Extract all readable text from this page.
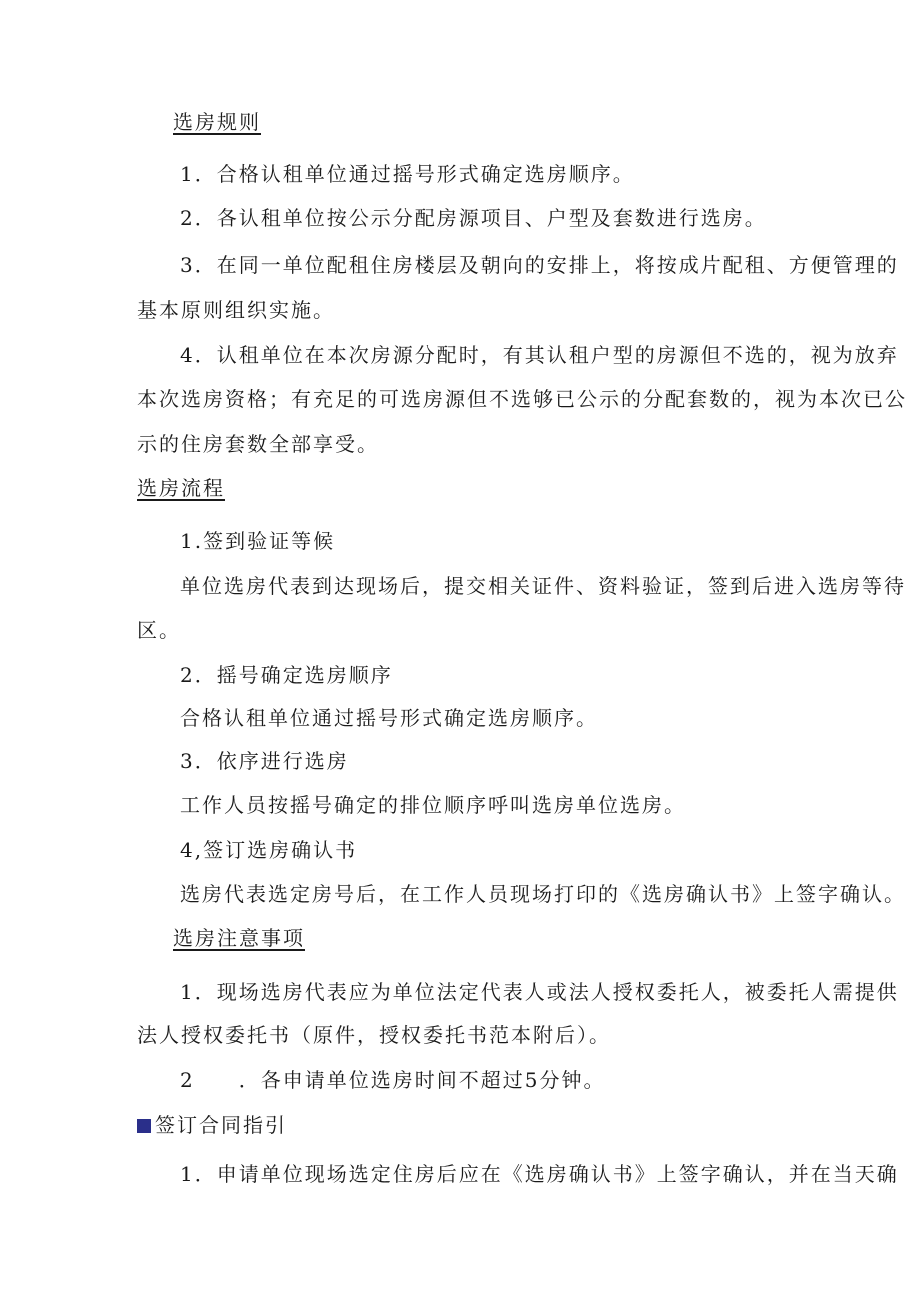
选房规则
1．合格认租单位通过摇号形式确定选房顺序。
2．各认租单位按公示分配房源项目、户型及套数进行选房。
3．在同一单位配租住房楼层及朝向的安排上，将按成片配租、方便管理的
基本原则组织实施。
4．认租单位在本次房源分配时，有其认租户型的房源但不选的，视为放弃
本次选房资格；有充足的可选房源但不选够已公示的分配套数的，视为本次已公
示的住房套数全部享受。
选房流程
1.签到验证等候
单位选房代表到达现场后，提交相关证件、资料验证，签到后进入选房等待
区。
2．摇号确定选房顺序
合格认租单位通过摇号形式确定选房顺序。
3．依序进行选房
工作人员按摇号确定的排位顺序呼叫选房单位选房。
4,签订选房确认书
选房代表选定房号后，在工作人员现场打印的《选房确认书》上签字确认。
选房注意事项
1．现场选房代表应为单位法定代表人或法人授权委托人，被委托人需提供
法人授权委托书（原件，授权委托书范本附后）。
2　　．各申请单位选房时间不超过5分钟。
签订合同指引
1．申请单位现场选定住房后应在《选房确认书》上签字确认，并在当天确
